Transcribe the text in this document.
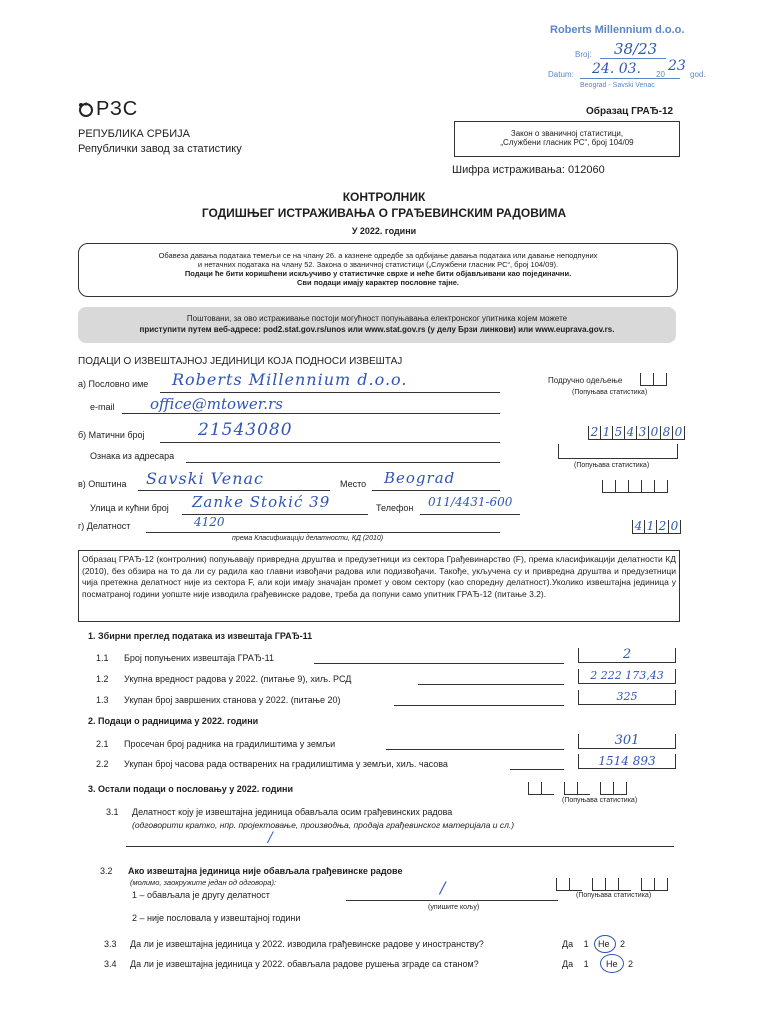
Roberts Millennium d.o.o.
Broj: 38/23
Datum: 24. 03. 20
23
god.
Beograd - Savski Venac
РЗС	Образац ГРАЂ-12
РЕПУБЛИКА СРБИЈА
Републички завод за статистику
Закон о званичној статистици,
„Службени гласник РС“, број 104/09
Шифра истраживања: 012060
КОНТРОЛНИК
ГОДИШЊЕГ ИСТРАЖИВАЊА О ГРАЂЕВИНСКИМ РАДОВИМА
У 2022. години
Обавеза давања података темељи се на члану 26. а казнене одредбе за одбијање давања података или давање неподпуних
и нетачних података на члану 52. Закона о званичној статистици („Службени гласник РС“, број 104/09).
Подаци ће бити коришћени искључиво у статистичке сврхе и неће бити објављивани као појединачни.
Сви подаци имају карактер пословне тајне.
Поштовани, за ово истраживање постоји могућност попуњавања електронског упитника којем можете
приступити путем веб-адресе: pod2.stat.gov.rs/unos или www.stat.gov.rs (у делу Брзи линкови) или www.euprava.gov.rs.
ПОДАЦИ О ИЗВЕШТАЈНОЈ ЈЕДИНИЦИ КОЈА ПОДНОСИ ИЗВЕШТАЈ
а) Пословно име Roberts Millennium d.o.o.	Подручно одељење
(Попуњава статистика)
e-mail office@mtower.rs
б) Матични број	21543080	2 1 5 4 3 0 8 0
Ознака из адресара
(Попуњава статистика)
в) Општина Savski Venac	Место Beograd
Улица и кућни број Zanke Stokić 39	Телефон 011/4431-600
г) Делатност	4120
према Класификацији делатности, КД (2010)
4 1 2 0
Образац ГРАЂ-12 (контролник) попуњавају привредна друштва и предузетници из сектора Грађевинарство (F), према класификацији делатности КД (2010), без обзира на то да ли су радила као главни извођачи радова или подизвођачи. Такође, укључена су и привредна друштва и предузетници чија претежна делатност није из сектора F, али који имају значајан промет у овом сектору (као споредну делатност).Уколико извештајна јединица у посматраној години уопште није изводила грађевинске радове, треба да попуни само упитник ГРАЂ-12 (питање 3.2).
1. Збирни преглед података из извештаја ГРАЂ-11
1.1 Број попуњених извештаја ГРАЂ-11	2
1.2 Укупна вредност радова у 2022. (питање 9), хиљ. РСД	2 222 173,43
1.3 Укупан број завршених станова у 2022. (питање 20)	325
2. Подаци о радницима у 2022. години
2.1 Просечан број радника на градилиштима у земљи	301
2.2 Укупан број часова рада остварених на градилиштима у земљи, хиљ. часова	1514 893
3. Остали подаци о пословању у 2022. години
(Попуњава статистика)
3.1 Делатност коју је извештајна јединица обављала осим грађевинских радова
(одговорити кратко, нпр. пројектовање, производња, продаја грађевинског материјала и сл.)
/
3.2 Ако извештајна јединица није обављала грађевинске радове
(молимо, заокружите један од одговора):
1 – обављала је другу делатност	/
(упишите кољу)
2 – није пословала у извештајној години
(Попуњава статистика)
3.3 Да ли је извештајна јединица у 2022. изводила грађевинске радове у иностранству?	Да 1 Не 2
3.4 Да ли је извештајна јединица у 2022. обављала радове рушења зграде са станом?	Да 1 Не 2
